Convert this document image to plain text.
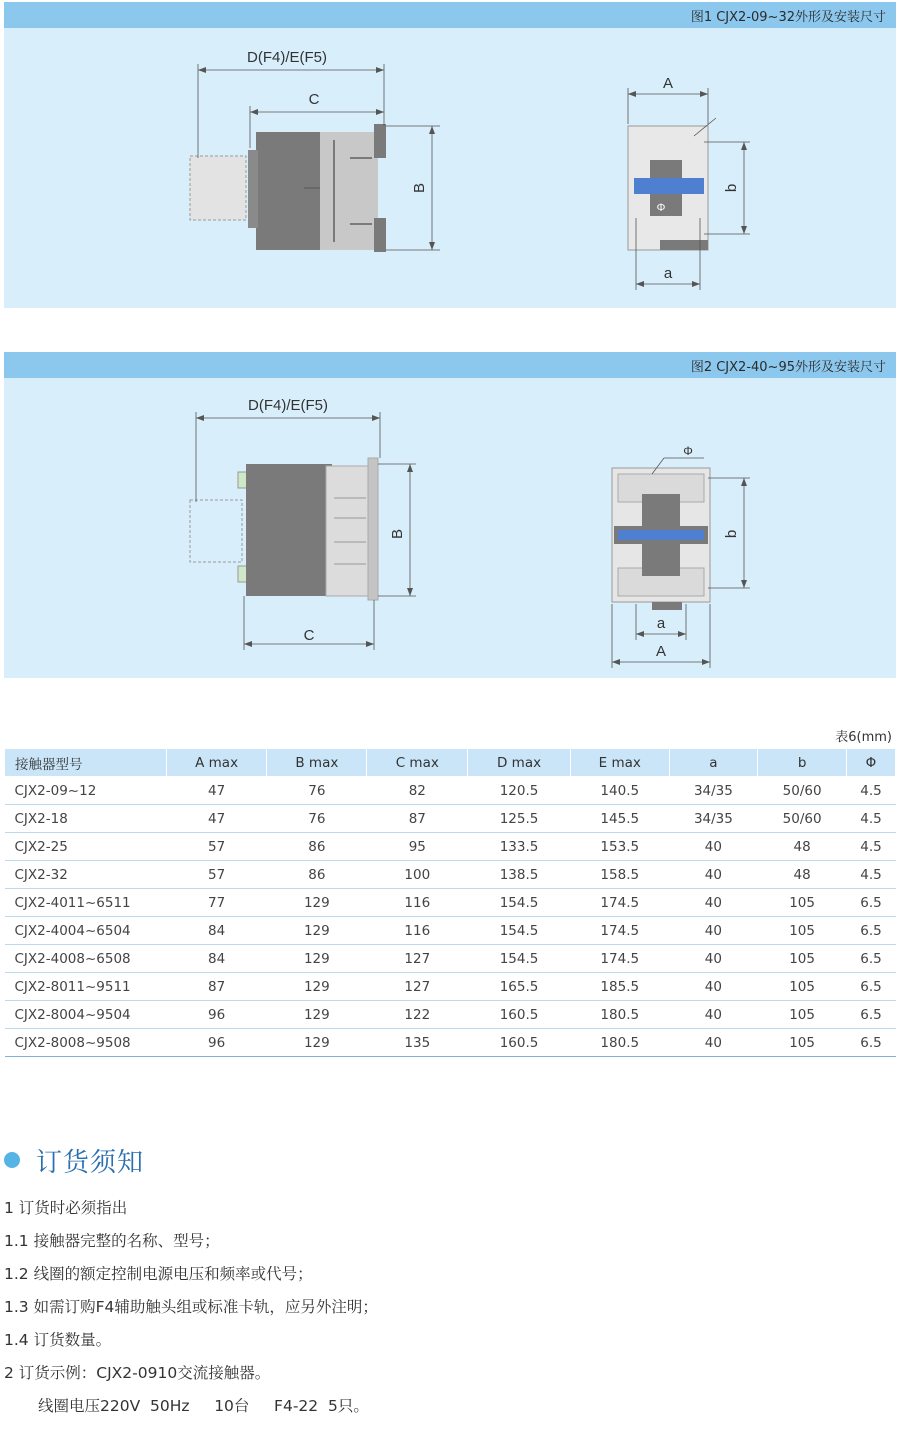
图1 CJX2-09~32外形及安装尺寸
D(F4)/E(F5)
C
B
Φ
A
b
a
图2 CJX2-40~95外形及安装尺寸
D(F4)/E(F5)
B
C
Φ
b
a
A
表6(mm)
接触器型号	A max	B max	C max	D max	E max	a	b	Φ
CJX2-09~12	47	76	82	120.5	140.5	34/35	50/60	4.5
CJX2-18	47	76	87	125.5	145.5	34/35	50/60	4.5
CJX2-25	57	86	95	133.5	153.5	40	48	4.5
CJX2-32	57	86	100	138.5	158.5	40	48	4.5
CJX2-4011~6511	77	129	116	154.5	174.5	40	105	6.5
CJX2-4004~6504	84	129	116	154.5	174.5	40	105	6.5
CJX2-4008~6508	84	129	127	154.5	174.5	40	105	6.5
CJX2-8011~9511	87	129	127	165.5	185.5	40	105	6.5
CJX2-8004~9504	96	129	122	160.5	180.5	40	105	6.5
CJX2-8008~9508	96	129	135	160.5	180.5	40	105	6.5
订货须知
1 订货时必须指出
1.1 接触器完整的名称、型号；
1.2 线圈的额定控制电源电压和频率或代号；
1.3 如需订购F4辅助触头组或标准卡轨，应另外注明；
1.4 订货数量。
2 订货示例：CJX2-0910交流接触器。
线圈电压220V  50Hz     10台     F4-22  5只。
